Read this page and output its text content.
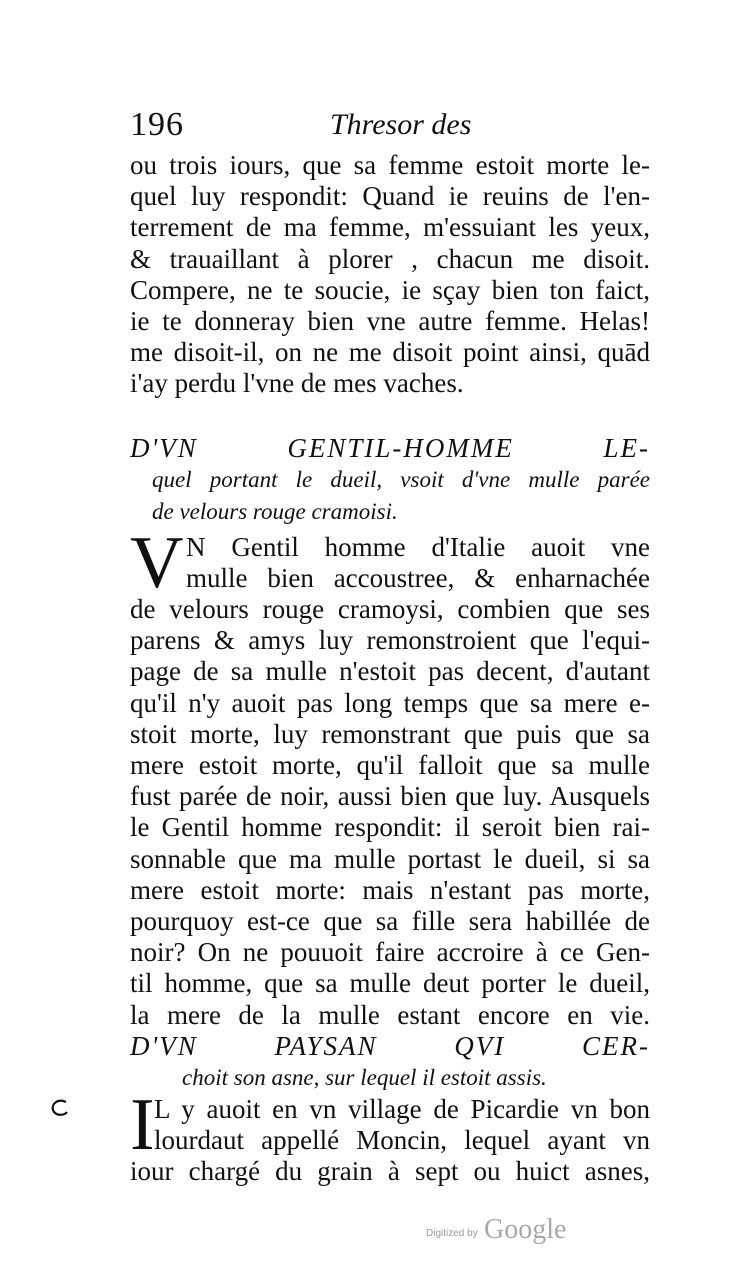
196	Thresor des
ou trois iours, que sa femme estoit morte le-
quel luy respondit: Quand ie reuins de l'en-
terrement de ma femme, m'essuiant les yeux,
& trauaillant à plorer , chacun me disoit.
Compere, ne te soucie, ie sçay bien ton faict,
ie te donneray bien vne autre femme. Helas!
me disoit-il, on ne me disoit point ainsi, quād
i'ay perdu l'vne de mes vaches.
D'VN GENTIL-HOMME LE-
quel portant le dueil, vsoit d'vne mulle parée
de velours rouge cramoisi.
V N Gentil homme d'Italie auoit vne
mulle bien accoustree, & enharnachée
de velours rouge cramoysi, combien que ses
parens & amys luy remonstroient que l'equi-
page de sa mulle n'estoit pas decent, d'autant
qu'il n'y auoit pas long temps que sa mere e-
stoit morte, luy remonstrant que puis que sa
mere estoit morte, qu'il falloit que sa mulle
fust parée de noir, aussi bien que luy. Ausquels
le Gentil homme respondit: il seroit bien rai-
sonnable que ma mulle portast le dueil, si sa
mere estoit morte: mais n'estant pas morte,
pourquoy est-ce que sa fille sera habillée de
noir? On ne pouuoit faire accroire à ce Gen-
til homme, que sa mulle deut porter le dueil,
la mere de la mulle estant encore en vie.
D'VN PAYSAN QVI CER-
choit son asne, sur lequel il estoit assis.
I L y auoit en vn village de Picardie vn bon
lourdaut appellé Moncin, lequel ayant vn
iour chargé du grain à sept ou huict asnes,
Digitized by Google
